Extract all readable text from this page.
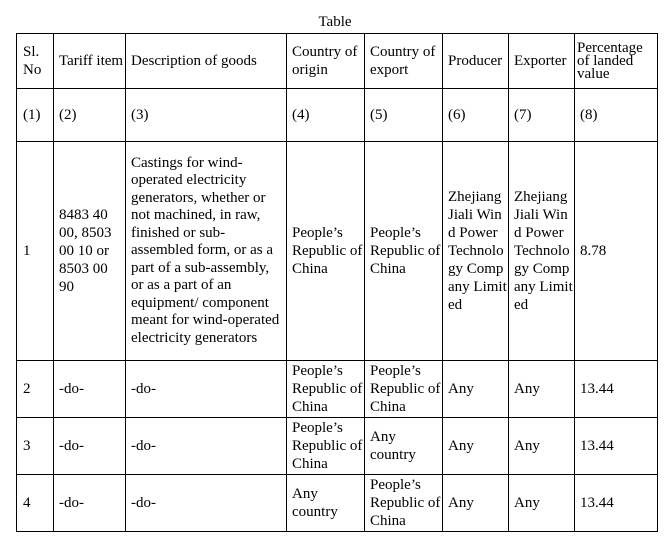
Table
Sl. No	Tariff item	Description of goods	Country of origin	Country of export	Producer	Exporter	Percentage of landed value
(1)	(2)	(3)	(4)	(5)	(6)	(7)	(8)
1	8483 40 00, 8503 00 10 or 8503 00 90	Castings for wind-operated electricity generators, whether or not machined, in raw, finished or sub-assembled form, or as a part of a sub-assembly, or as a part of an equipment/ component meant for wind-operated electricity generators	People’s Republic of China	People’s Republic of China	Zhejiang Jiali Wind Power Technology Company Limited	Zhejiang Jiali Wind Power Technology Company Limited	8.78
2	-do-	-do-	People’s Republic of China	People’s Republic of China	Any	Any	13.44
3	-do-	-do-	People’s Republic of China	Any country	Any	Any	13.44
4	-do-	-do-	Any country	People’s Republic of China	Any	Any	13.44
